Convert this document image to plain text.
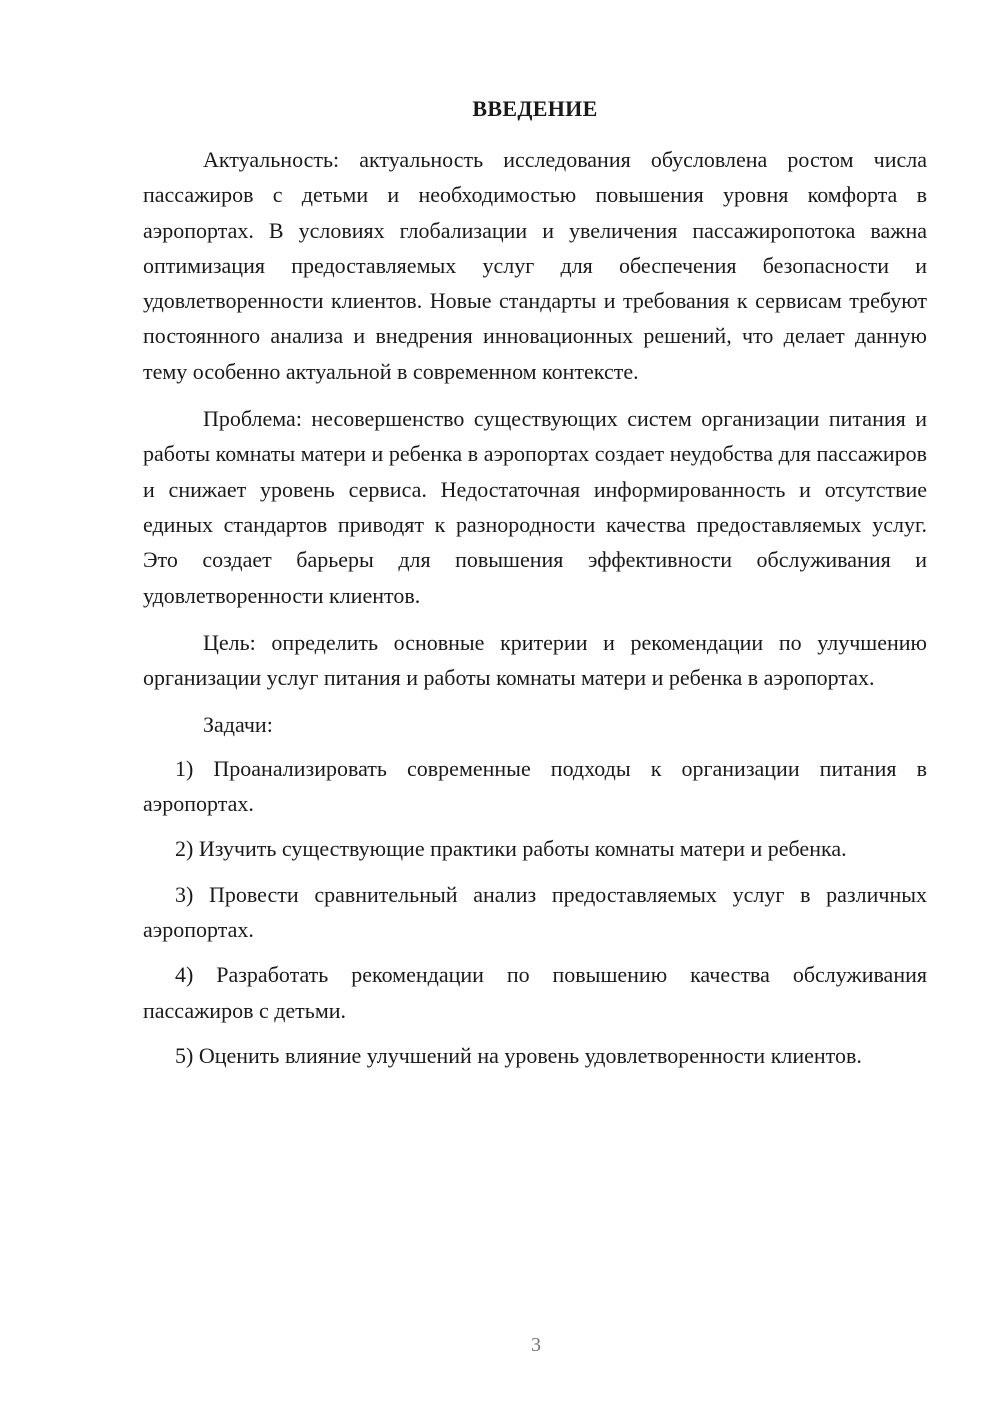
ВВЕДЕНИЕ

Актуальность: актуальность исследования обусловлена ростом числа пассажиров с детьми и необходимостью повышения уровня комфорта в аэропортах. В условиях глобализации и увеличения пассажиропотока важна оптимизация предоставляемых услуг для обеспечения безопасности и удовлетворенности клиентов. Новые стандарты и требования к сервисам требуют постоянного анализа и внедрения инновационных решений, что делает данную тему особенно актуальной в современном контексте.

Проблема: несовершенство существующих систем организации питания и работы комнаты матери и ребенка в аэропортах создает неудобства для пассажиров и снижает уровень сервиса. Недостаточная информированность и отсутствие единых стандартов приводят к разнородности качества предоставляемых услуг. Это создает барьеры для повышения эффективности обслуживания и удовлетворенности клиентов.

Цель: определить основные критерии и рекомендации по улучшению организации услуг питания и работы комнаты матери и ребенка в аэропортах.

Задачи:

1) Проанализировать современные подходы к организации питания в аэропортах.

2) Изучить существующие практики работы комнаты матери и ребенка.

3) Провести сравнительный анализ предоставляемых услуг в различных аэропортах.

4) Разработать рекомендации по повышению качества обслуживания пассажиров с детьми.

5) Оценить влияние улучшений на уровень удовлетворенности клиентов.

3
